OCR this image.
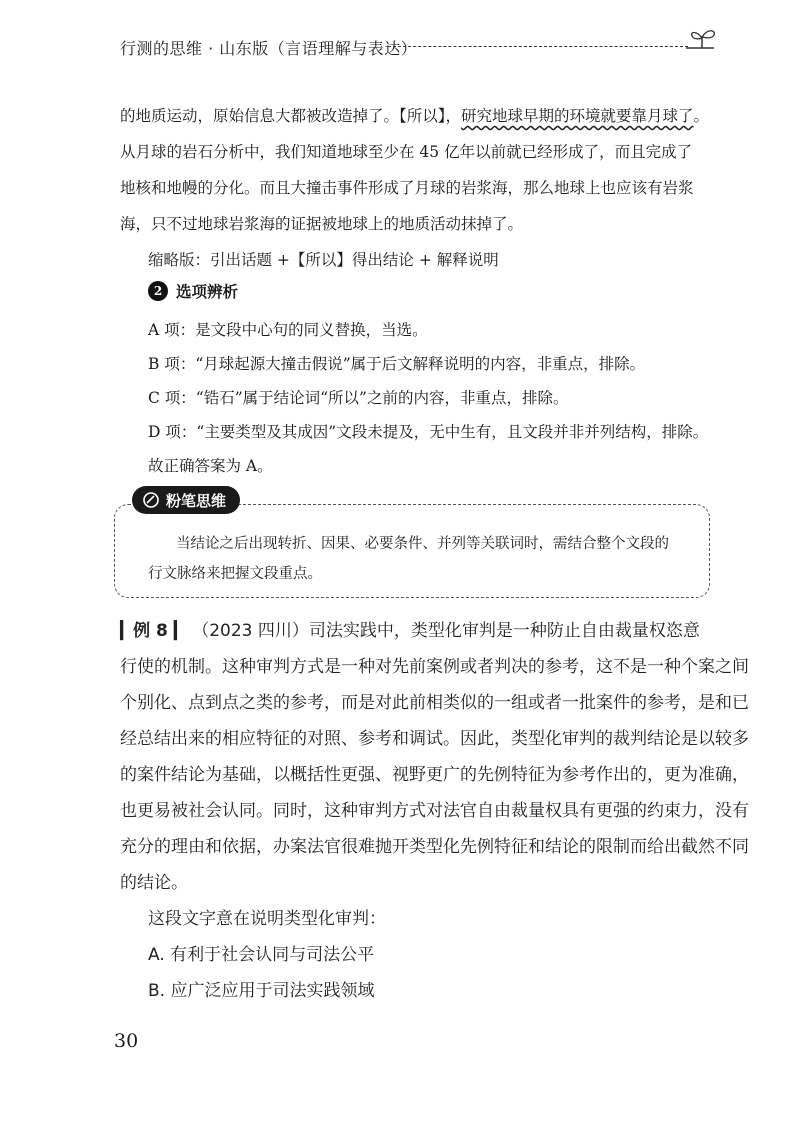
行测的思维 · 山东版（言语理解与表达）
的地质运动，原始信息大都被改造掉了。【所以】，研究地球早期的环境就要靠月球了。
从月球的岩石分析中，我们知道地球至少在 45 亿年以前就已经形成了，而且完成了
地核和地幔的分化。而且大撞击事件形成了月球的岩浆海，那么地球上也应该有岩浆
海，只不过地球岩浆海的证据被地球上的地质活动抹掉了。
缩略版：引出话题 +【所以】得出结论 + 解释说明
2 选项辨析
A 项：是文段中心句的同义替换，当选。
B 项：“月球起源大撞击假说”属于后文解释说明的内容，非重点，排除。
C 项：“锆石”属于结论词“所以”之前的内容，非重点，排除。
D 项：“主要类型及其成因”文段未提及，无中生有，且文段并非并列结构，排除。
故正确答案为 A。
粉笔思维
当结论之后出现转折、因果、必要条件、并列等关联词时，需结合整个文段的
行文脉络来把握文段重点。
▎例 8 ▎ （2023 四川）司法实践中，类型化审判是一种防止自由裁量权恣意
行使的机制。这种审判方式是一种对先前案例或者判决的参考，这不是一种个案之间
个别化、点到点之类的参考，而是对此前相类似的一组或者一批案件的参考，是和已
经总结出来的相应特征的对照、参考和调试。因此，类型化审判的裁判结论是以较多
的案件结论为基础，以概括性更强、视野更广的先例特征为参考作出的，更为准确，
也更易被社会认同。同时，这种审判方式对法官自由裁量权具有更强的约束力，没有
充分的理由和依据，办案法官很难抛开类型化先例特征和结论的限制而给出截然不同
的结论。
这段文字意在说明类型化审判：
A. 有利于社会认同与司法公平
B. 应广泛应用于司法实践领域
30
